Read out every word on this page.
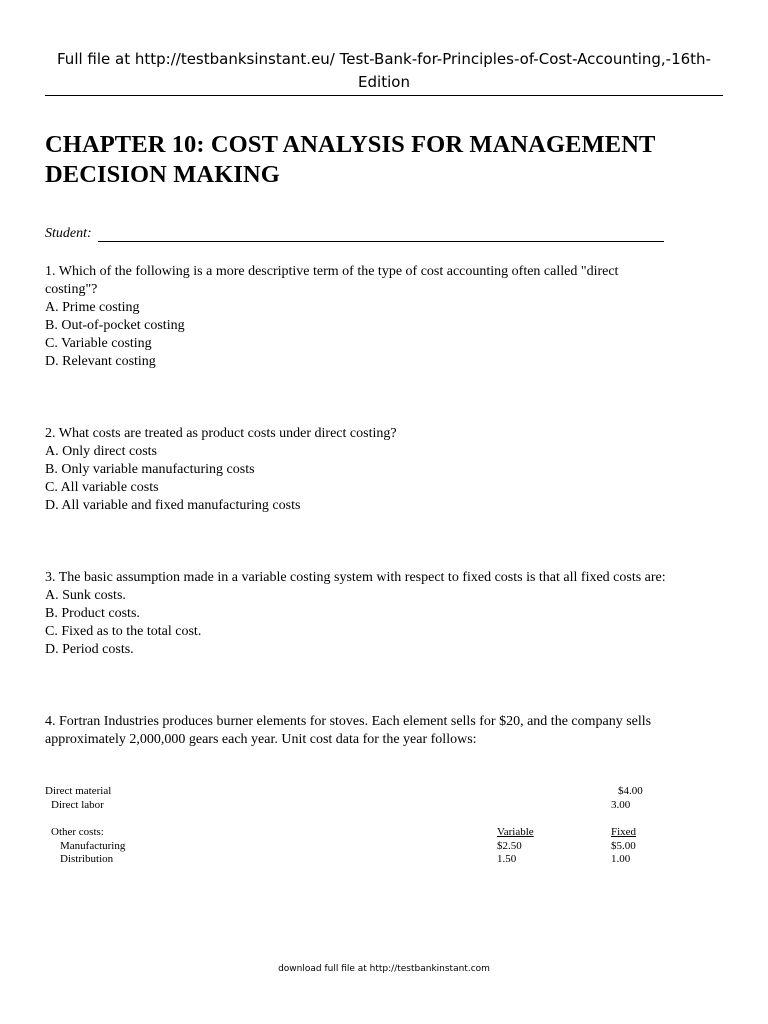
Full file at http://testbanksinstant.eu/ Test-Bank-for-Principles-of-Cost-Accounting,-16th-
Edition
CHAPTER 10: COST ANALYSIS FOR MANAGEMENT
DECISION MAKING
Student:
1. Which of the following is a more descriptive term of the type of cost accounting often called "direct
costing"?
A. Prime costing
B. Out-of-pocket costing
C. Variable costing
D. Relevant costing
2. What costs are treated as product costs under direct costing?
A. Only direct costs
B. Only variable manufacturing costs
C. All variable costs
D. All variable and fixed manufacturing costs
3. The basic assumption made in a variable costing system with respect to fixed costs is that all fixed costs are:
A. Sunk costs.
B. Product costs.
C. Fixed as to the total cost.
D. Period costs.
4. Fortran Industries produces burner elements for stoves. Each element sells for $20, and the company sells
approximately 2,000,000 gears each year. Unit cost data for the year follows:
Direct material	$4.00
Direct labor	3.00
Other costs:	Variable	Fixed
Manufacturing	$2.50	$5.00
Distribution	1.50	1.00
download full file at http://testbankinstant.com
